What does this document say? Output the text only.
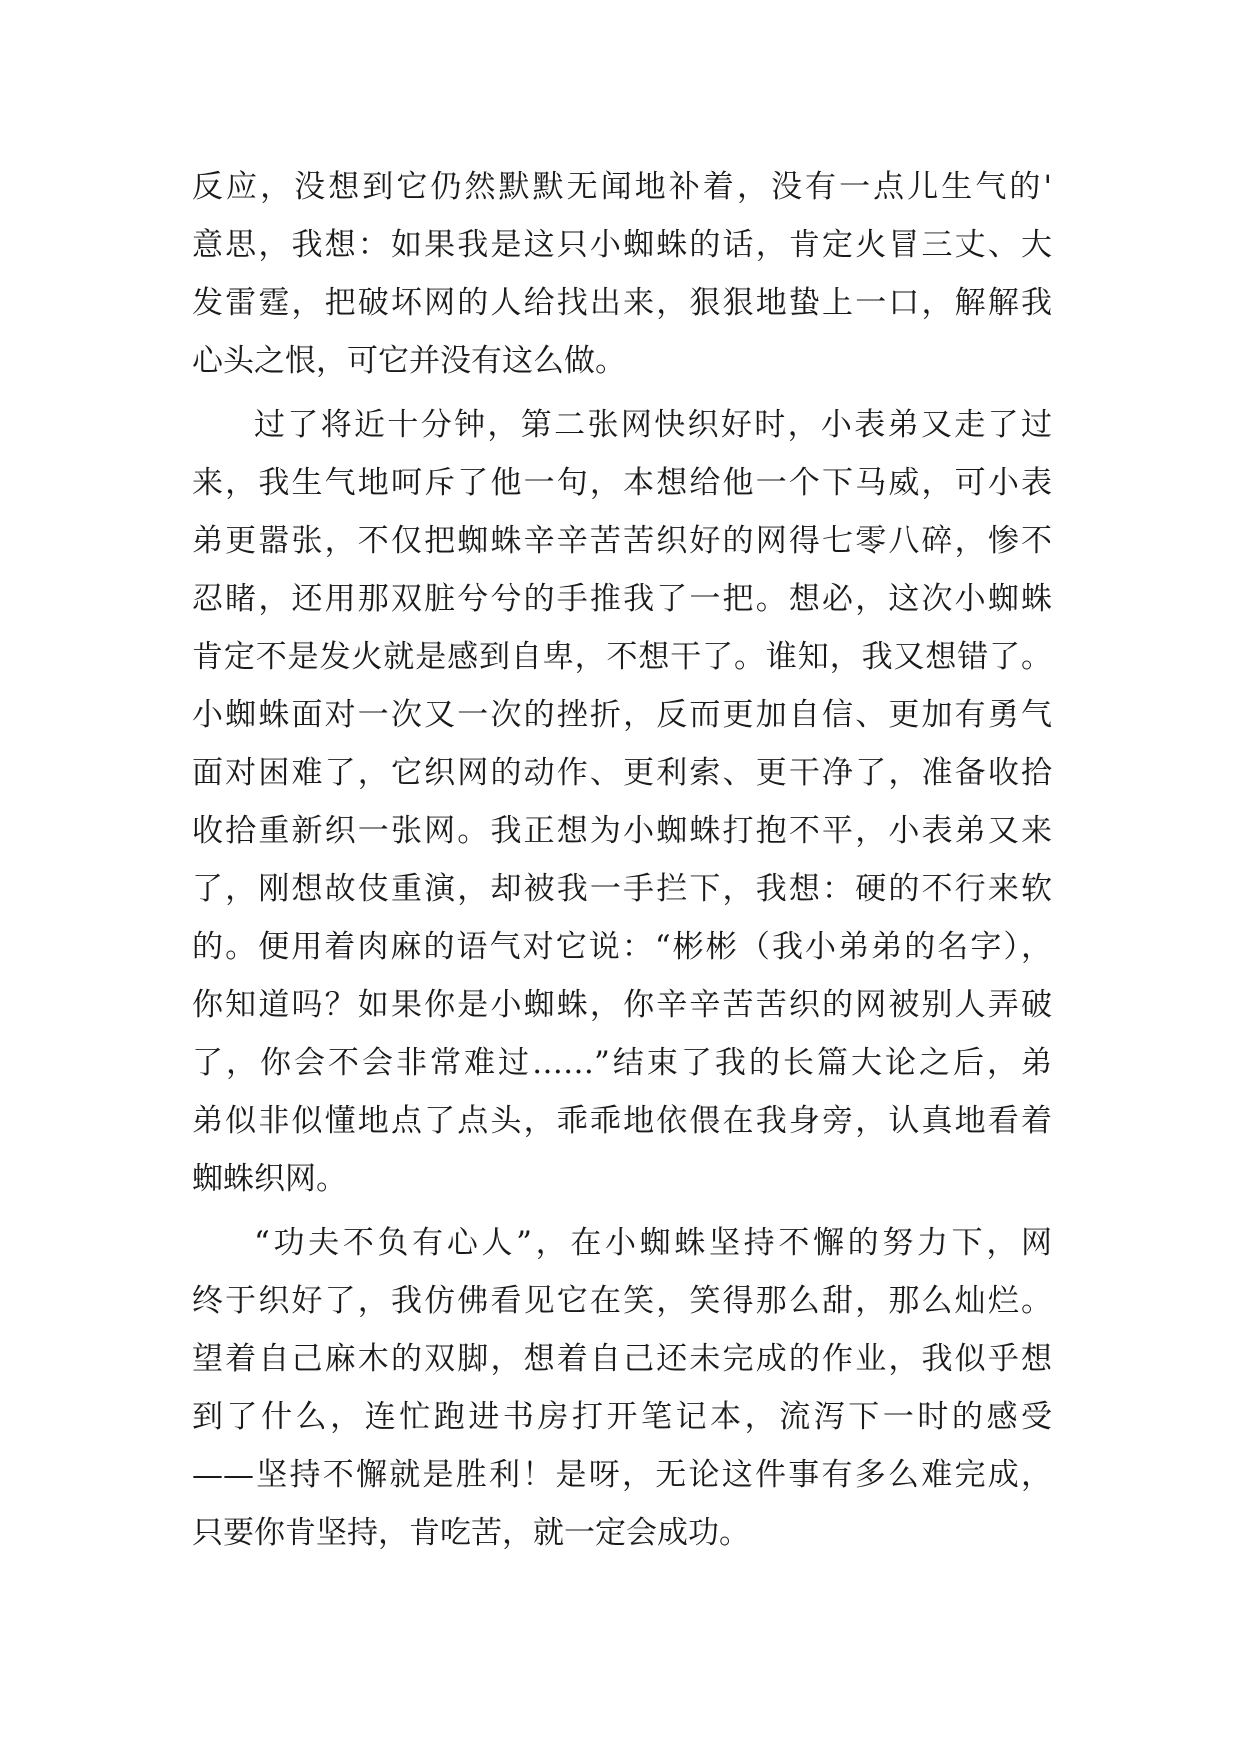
反应，没想到它仍然默默无闻地补着，没有一点儿生气的'
意思，我想：如果我是这只小蜘蛛的话，肯定火冒三丈、大
发雷霆，把破坏网的人给找出来，狠狠地蛰上一口，解解我
心头之恨，可它并没有这么做。
过了将近十分钟，第二张网快织好时，小表弟又走了过
来，我生气地呵斥了他一句，本想给他一个下马威，可小表
弟更嚣张，不仅把蜘蛛辛辛苦苦织好的网得七零八碎，惨不
忍睹，还用那双脏兮兮的手推我了一把。想必，这次小蜘蛛
肯定不是发火就是感到自卑，不想干了。谁知，我又想错了。
小蜘蛛面对一次又一次的挫折，反而更加自信、更加有勇气
面对困难了，它织网的动作、更利索、更干净了，准备收拾
收拾重新织一张网。我正想为小蜘蛛打抱不平，小表弟又来
了，刚想故伎重演，却被我一手拦下，我想：硬的不行来软
的。便用着肉麻的语气对它说：“彬彬（我小弟弟的名字），
你知道吗？如果你是小蜘蛛，你辛辛苦苦织的网被别人弄破
了，你会不会非常难过……”结束了我的长篇大论之后，弟
弟似非似懂地点了点头，乖乖地依偎在我身旁，认真地看着
蜘蛛织网。
“功夫不负有心人”，在小蜘蛛坚持不懈的努力下，网
终于织好了，我仿佛看见它在笑，笑得那么甜，那么灿烂。
望着自己麻木的双脚，想着自己还未完成的作业，我似乎想
到了什么，连忙跑进书房打开笔记本，流泻下一时的感受
——坚持不懈就是胜利！是呀，无论这件事有多么难完成，
只要你肯坚持，肯吃苦，就一定会成功。
